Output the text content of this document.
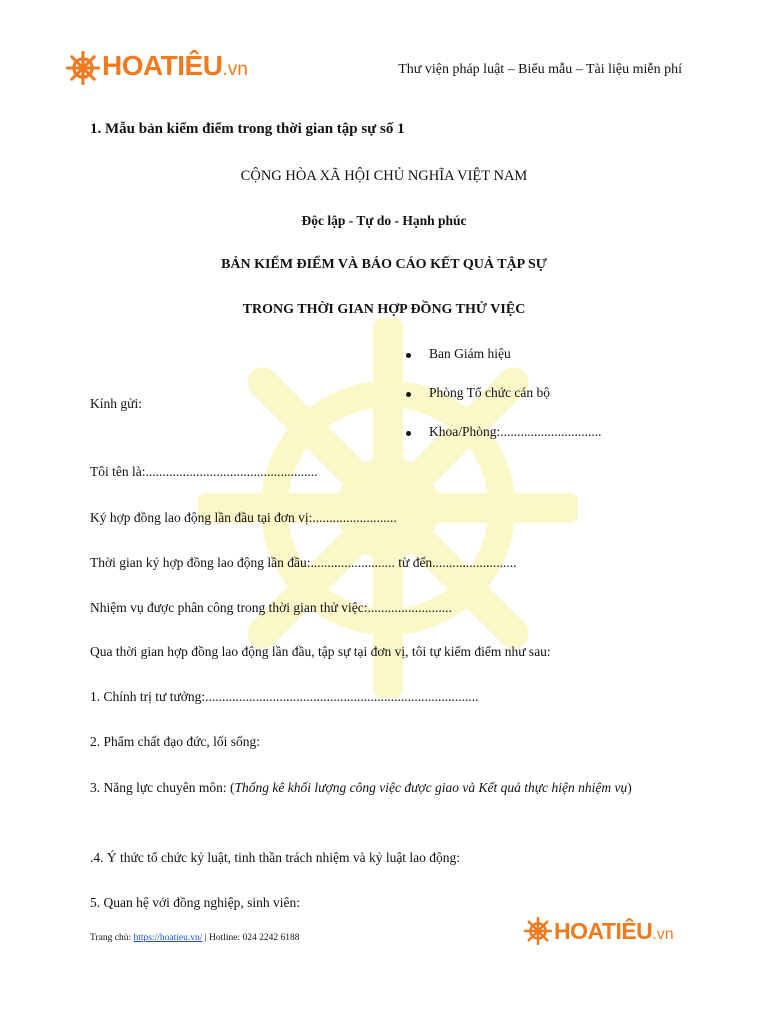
HOATIÊU.vn	Thư viện pháp luật – Biểu mẫu – Tài liệu miễn phí
1. Mẫu bản kiểm điểm trong thời gian tập sự số 1
CỘNG HÒA XÃ HỘI CHỦ NGHĨA VIỆT NAM
Độc lập - Tự do - Hạnh phúc
BẢN KIỂM ĐIỂM VÀ BÁO CÁO KẾT QUẢ TẬP SỰ
TRONG THỜI GIAN HỢP ĐỒNG THỬ VIỆC
Ban Giám hiệu
Phòng Tổ chức cán bộ
Khoa/Phòng:..............................
Kính gửi:
Tôi tên là:...................................................
Ký hợp đồng lao động lần đầu tại đơn vị:.........................
Thời gian ký hợp đồng lao động lần đầu:......................... từ đến.........................
Nhiệm vụ được phân công trong thời gian thử việc:.........................
Qua thời gian hợp đồng lao động lần đầu, tập sự tại đơn vị, tôi tự kiểm điểm như sau:
1. Chính trị tư tưởng:.................................................................................
2. Phẩm chất đạo đức, lối sống:
3. Năng lực chuyên môn: (Thống kê khối lượng công việc được giao và Kết quả thực hiện nhiệm vụ)
.4. Ý thức tổ chức kỷ luật, tinh thần trách nhiệm và kỷ luật lao động:
5. Quan hệ với đồng nghiệp, sinh viên:
Trang chủ: https://hoatieu.vn/ | Hotline: 024 2242 6188	HOATIÊU.vn
